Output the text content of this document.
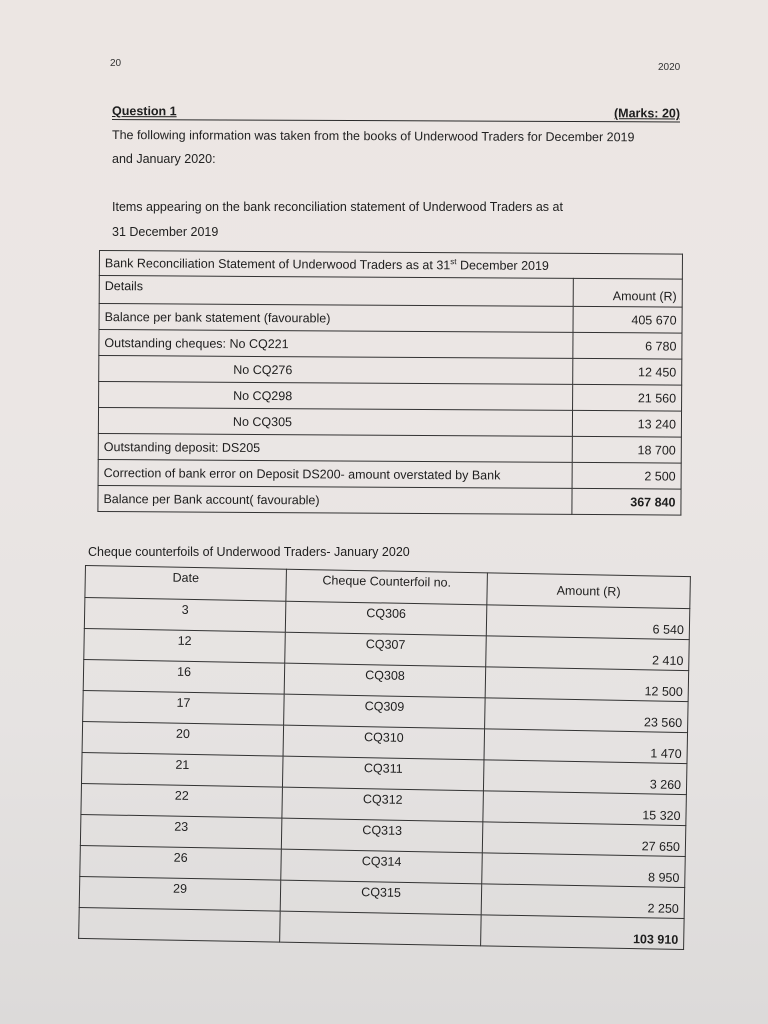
20	2020
Question 1	(Marks: 20)
The following information was taken from the books of Underwood Traders for December 2019
and January 2020:
Items appearing on the bank reconciliation statement of Underwood Traders as at
31 December 2019
Bank Reconciliation Statement of Underwood Traders as at 31st December 2019	
Details	Amount (R)
Balance per bank statement (favourable)	405 670
Outstanding cheques: No CQ221	6 780
No CQ276	12 450
No CQ298	21 560
No CQ305	13 240
Outstanding deposit: DS205	18 700
Correction of bank error on Deposit DS200- amount overstated by Bank	2 500
Balance per Bank account( favourable)	367 840
Cheque counterfoils of Underwood Traders- January 2020
Date	Cheque Counterfoil no.	Amount (R)
3	CQ306	6 540
12	CQ307	2 410
16	CQ308	12 500
17	CQ309	23 560
20	CQ310	1 470
21	CQ311	3 260
22	CQ312	15 320
23	CQ313	27 650
26	CQ314	8 950
29	CQ315	2 250
		103 910
